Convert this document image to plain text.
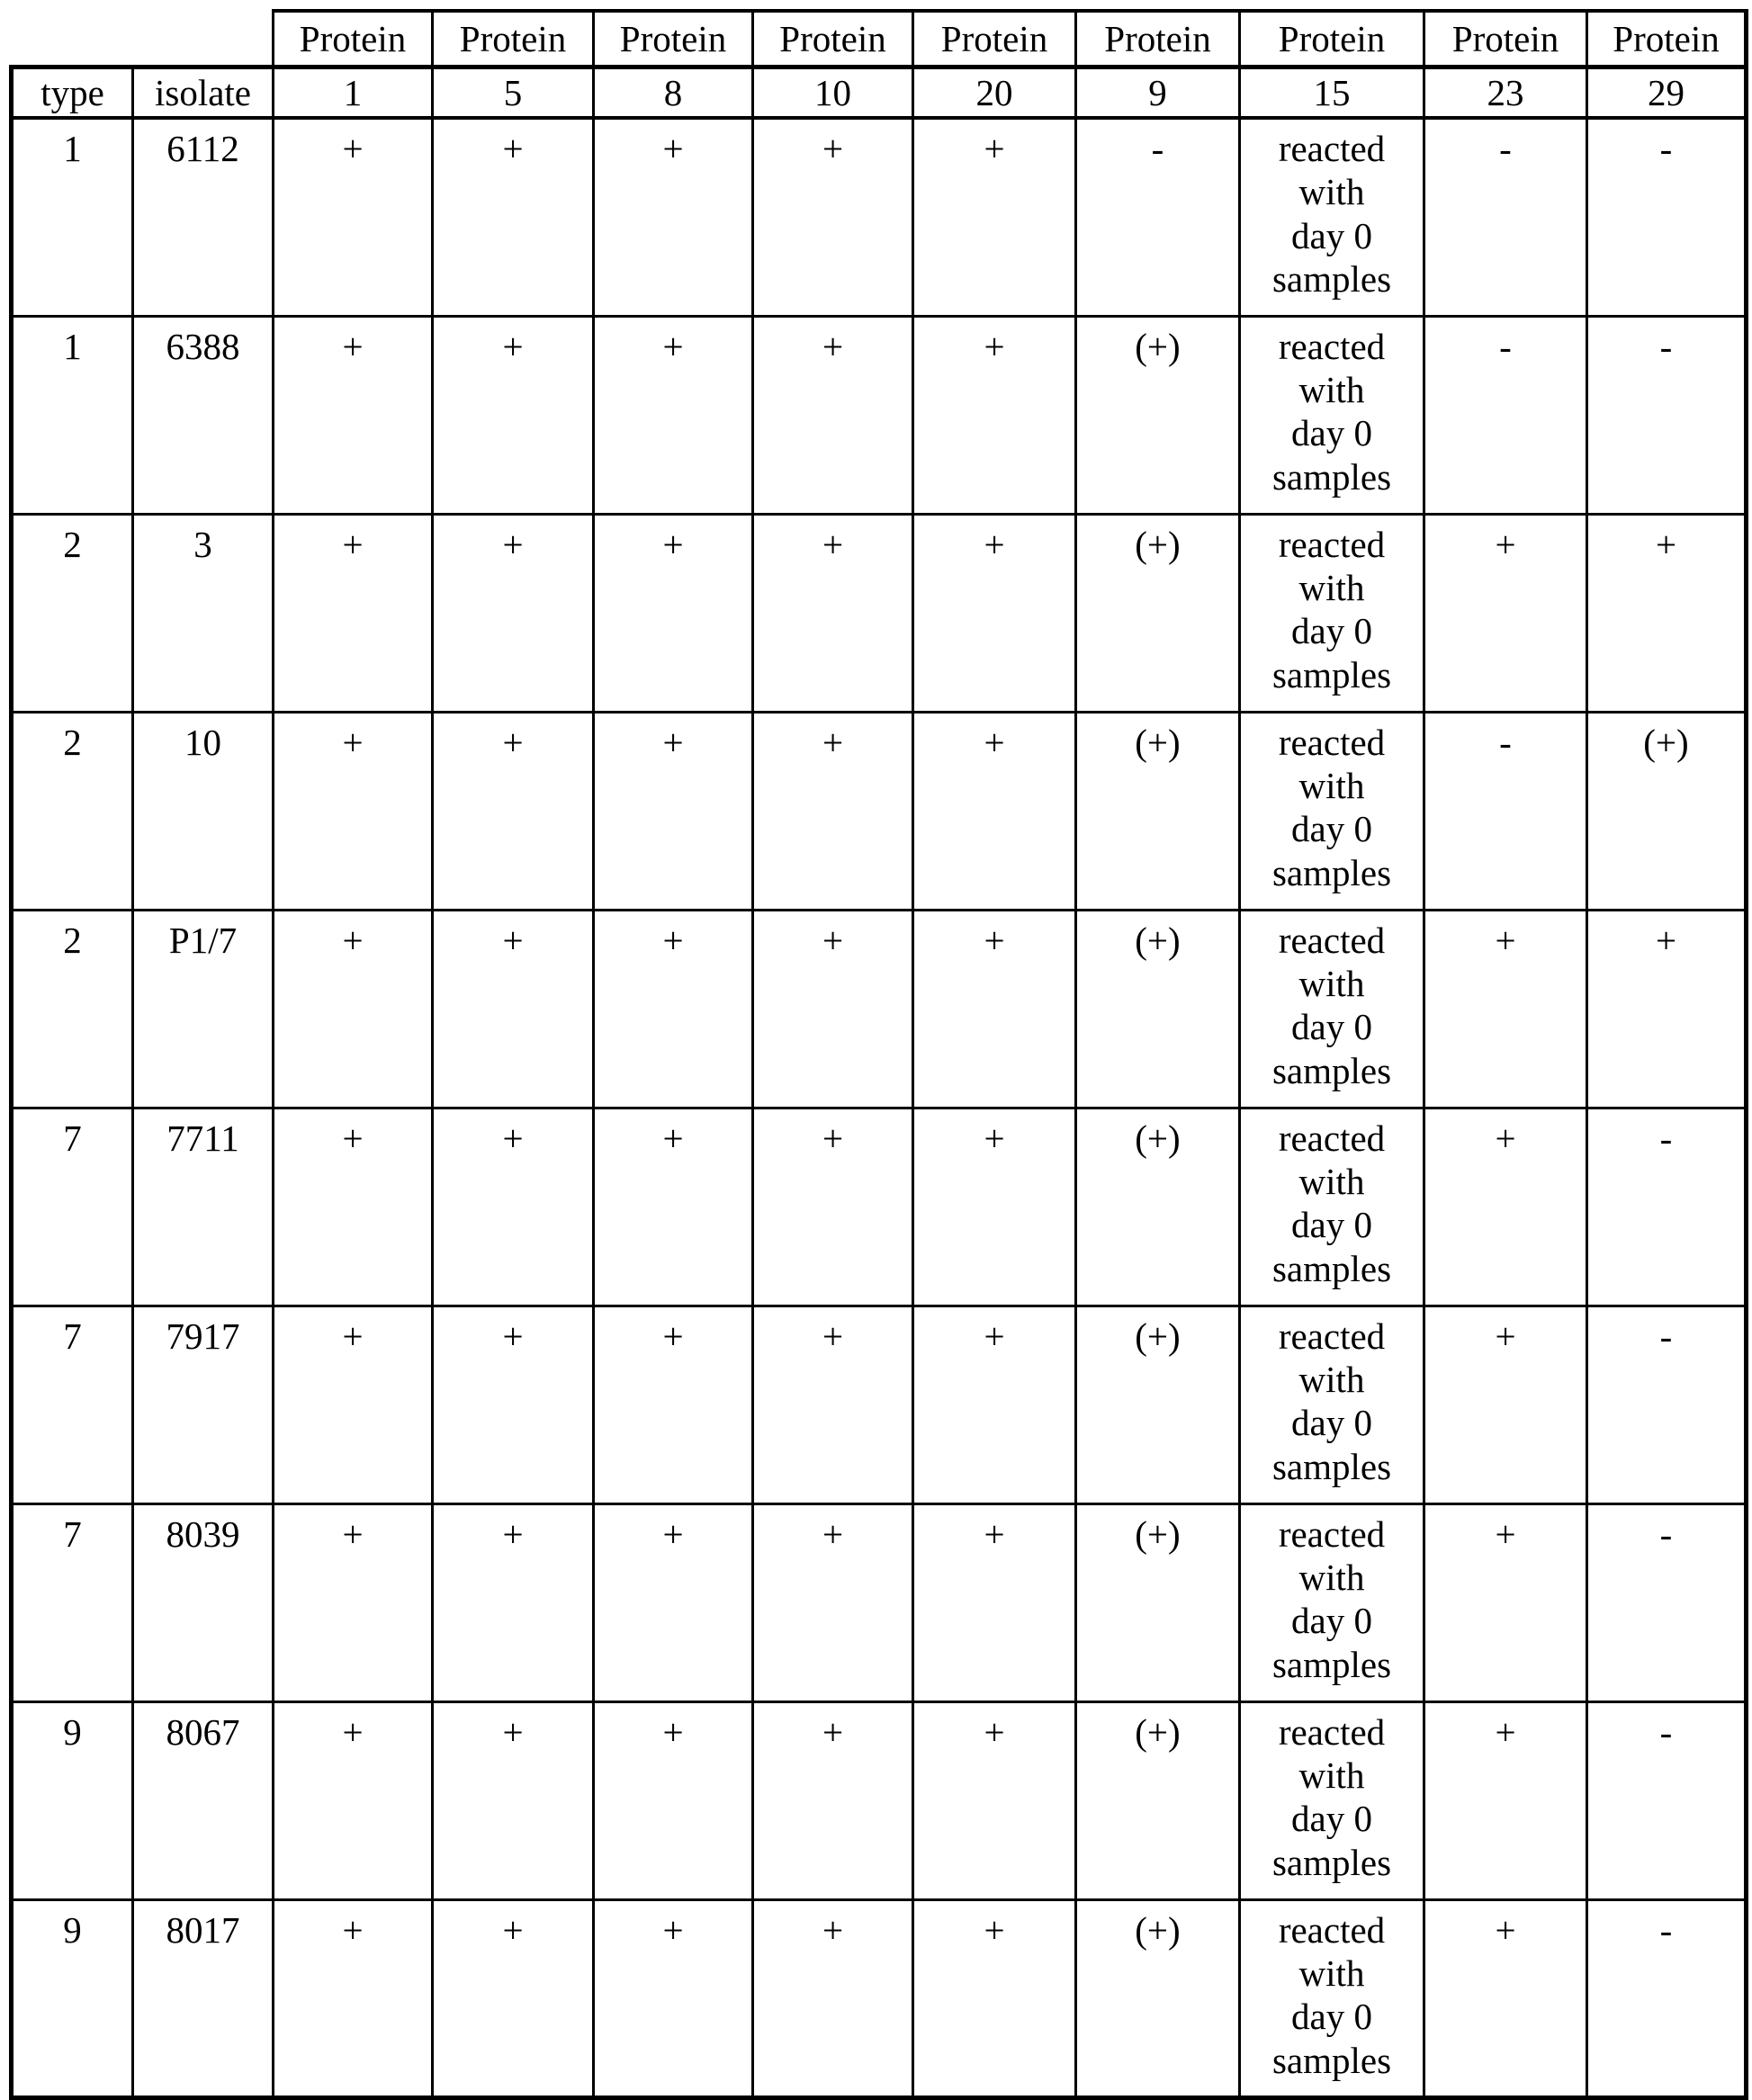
		Protein	Protein	Protein	Protein	Protein	Protein	Protein	Protein	Protein
type	isolate	1	5	8	10	20	9	15	23	29
1	6112	+	+	+	+	+	-	reacted
with
day 0
samples	-	-
1	6388	+	+	+	+	+	(+)	reacted
with
day 0
samples	-	-
2	3	+	+	+	+	+	(+)	reacted
with
day 0
samples	+	+
2	10	+	+	+	+	+	(+)	reacted
with
day 0
samples	-	(+)
2	P1/7	+	+	+	+	+	(+)	reacted
with
day 0
samples	+	+
7	7711	+	+	+	+	+	(+)	reacted
with
day 0
samples	+	-
7	7917	+	+	+	+	+	(+)	reacted
with
day 0
samples	+	-
7	8039	+	+	+	+	+	(+)	reacted
with
day 0
samples	+	-
9	8067	+	+	+	+	+	(+)	reacted
with
day 0
samples	+	-
9	8017	+	+	+	+	+	(+)	reacted
with
day 0
samples	+	-
